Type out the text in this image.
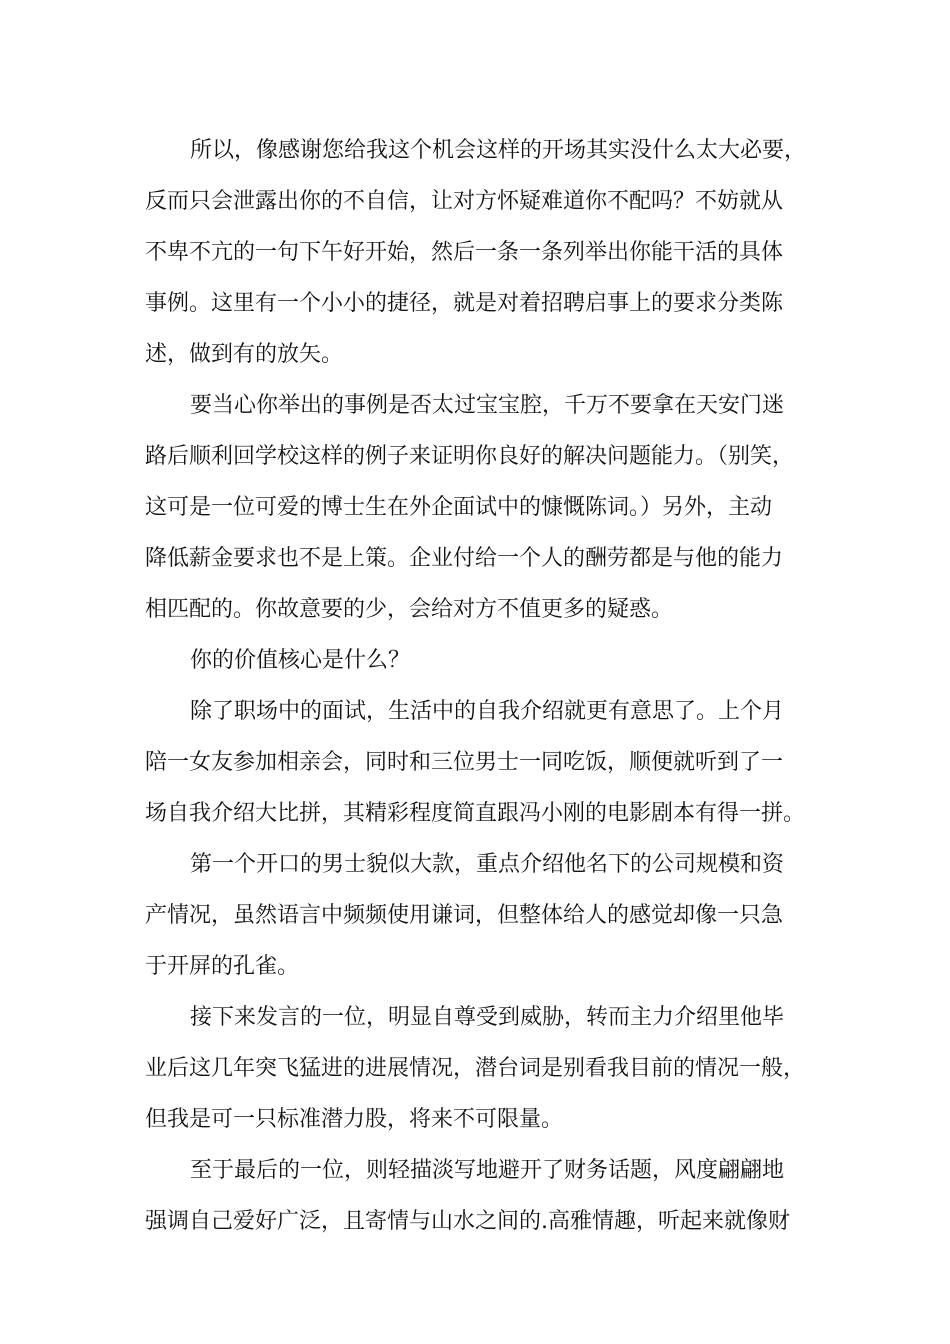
所以，像感谢您给我这个机会这样的开场其实没什么太大必要，
反而只会泄露出你的不自信，让对方怀疑难道你不配吗？不妨就从
不卑不亢的一句下午好开始，然后一条一条列举出你能干活的具体
事例。这里有一个小小的捷径，就是对着招聘启事上的要求分类陈
述，做到有的放矢。
要当心你举出的事例是否太过宝宝腔，千万不要拿在天安门迷
路后顺利回学校这样的例子来证明你良好的解决问题能力。（别笑，
这可是一位可爱的博士生在外企面试中的慷慨陈词。）另外，主动
降低薪金要求也不是上策。企业付给一个人的酬劳都是与他的能力
相匹配的。你故意要的少，会给对方不值更多的疑惑。
你的价值核心是什么？
除了职场中的面试，生活中的自我介绍就更有意思了。上个月
陪一女友参加相亲会，同时和三位男士一同吃饭，顺便就听到了一
场自我介绍大比拼，其精彩程度简直跟冯小刚的电影剧本有得一拼。
第一个开口的男士貌似大款，重点介绍他名下的公司规模和资
产情况，虽然语言中频频使用谦词，但整体给人的感觉却像一只急
于开屏的孔雀。
接下来发言的一位，明显自尊受到威胁，转而主力介绍里他毕
业后这几年突飞猛进的进展情况，潜台词是别看我目前的情况一般，
但我是可一只标准潜力股，将来不可限量。
至于最后的一位，则轻描淡写地避开了财务话题，风度翩翩地
强调自己爱好广泛，且寄情与山水之间的.高雅情趣，听起来就像财
